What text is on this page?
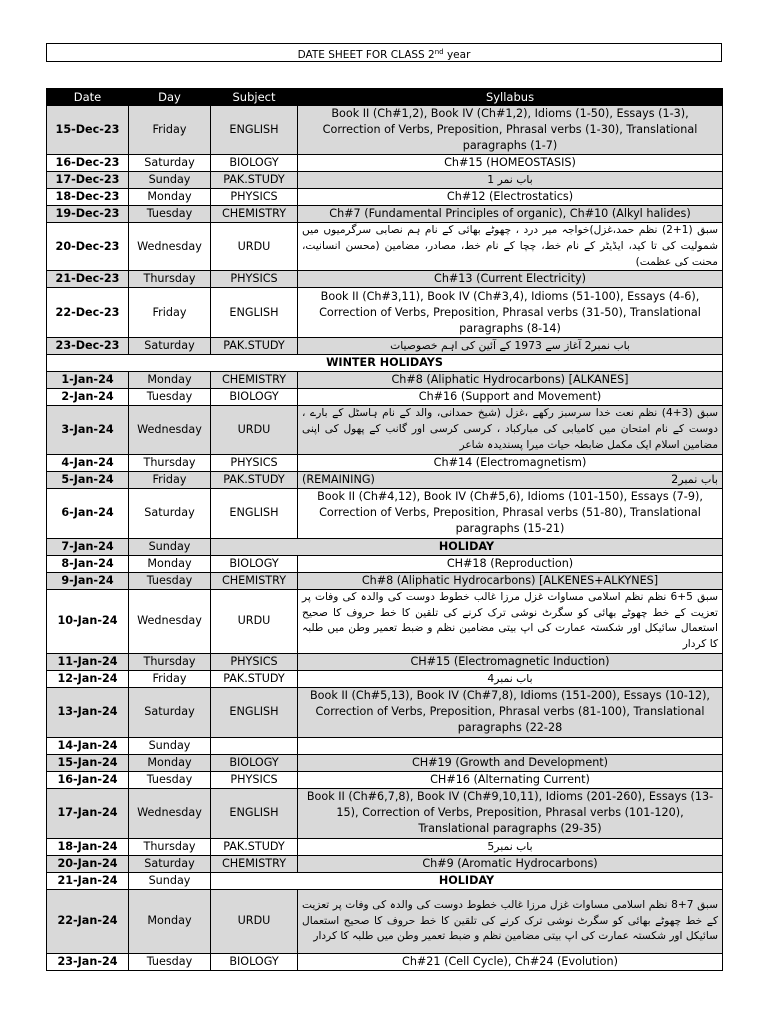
DATE SHEET FOR CLASS 2nd year
Date	Day	Subject	Syllabus
15-Dec-23	Friday	ENGLISH	Book II (Ch#1,2), Book IV (Ch#1,2), Idioms (1-50), Essays (1-3), Correction of Verbs, Preposition, Phrasal verbs (1-30), Translational paragraphs (1-7)
16-Dec-23	Saturday	BIOLOGY	Ch#15 (HOMEOSTASIS)
17-Dec-23	Sunday	PAK.STUDY	باب نمر 1
18-Dec-23	Monday	PHYSICS	Ch#12 (Electrostatics)
19-Dec-23	Tuesday	CHEMISTRY	Ch#7 (Fundamental Principles of organic), Ch#10 (Alkyl halides)
20-Dec-23	Wednesday	URDU	سبق (1+2) نظم حمد،غزل)خواجہ میر درد ، چھوٹے بھائی کے نام ہم نصابی سرگرمیوں میں شمولیت کی تا کید، ایڈیٹر کے نام خط، چچا کے نام خط، مصادر، مضامین (محسن انسانیت، محنت کی عظمت)
21-Dec-23	Thursday	PHYSICS	Ch#13 (Current Electricity)
22-Dec-23	Friday	ENGLISH	Book II (Ch#3,11), Book IV (Ch#3,4), Idioms (51-100), Essays (4-6), Correction of Verbs, Preposition, Phrasal verbs (31-50), Translational paragraphs (8-14)
23-Dec-23	Saturday	PAK.STUDY	باب نمبر2 آغاز سے 1973 کے آئین کی اہم خصوصیات
WINTER HOLIDAYS			
1-Jan-24	Monday	CHEMISTRY	Ch#8 (Aliphatic Hydrocarbons) [ALKANES]
2-Jan-24	Tuesday	BIOLOGY	Ch#16 (Support and Movement)
3-Jan-24	Wednesday	URDU	سبق (3+4) نظم نعت خدا سرسبز رکھے ،غزل (شیخ حمدانی، والد کے نام ہاسٹل کے بارے ، دوست کے نام امتحان میں کامیابی کی مبارکباد ، کرسی کرسی اور گانب کے پھول کی اپنی مضامین اسلام ایک مکمل ضابطہ حیات میرا پسندیدہ شاعر
4-Jan-24	Thursday	PHYSICS	Ch#14 (Electromagnetism)
5-Jan-24	Friday	PAK.STUDY	(REMAINING) باب نمبر2

6-Jan-24	Saturday	ENGLISH	Book II (Ch#4,12), Book IV (Ch#5,6), Idioms (101-150), Essays (7-9), Correction of Verbs, Preposition, Phrasal verbs (51-80), Translational paragraphs (15-21)
7-Jan-24	Sunday	HOLIDAY	
8-Jan-24	Monday	BIOLOGY	CH#18 (Reproduction)
9-Jan-24	Tuesday	CHEMISTRY	Ch#8 (Aliphatic Hydrocarbons) [ALKENES+ALKYNES]
10-Jan-24	Wednesday	URDU	سبق 5+6 نظم نظم اسلامی مساوات غزل مرزا غالب خطوط دوست کی والدہ کی وفات پر تعزیت کے خط چھوٹے بھائی کو سگرٹ نوشی ترک کرنے کی تلقین کا خط حروف کا صحیح استعمال سائیکل اور شکستہ عمارت کی اپ بیتی مضامین نظم و ضبط تعمیر وطن میں طلبہ کا کردار
11-Jan-24	Thursday	PHYSICS	CH#15 (Electromagnetic Induction)
12-Jan-24	Friday	PAK.STUDY	باب نمبر4
13-Jan-24	Saturday	ENGLISH	Book II (Ch#5,13), Book IV (Ch#7,8), Idioms (151-200), Essays (10-12), Correction of Verbs, Preposition, Phrasal verbs (81-100), Translational paragraphs (22-28
14-Jan-24	Sunday		
15-Jan-24	Monday	BIOLOGY	CH#19 (Growth and Development)
16-Jan-24	Tuesday	PHYSICS	CH#16 (Alternating Current)
17-Jan-24	Wednesday	ENGLISH	Book II (Ch#6,7,8), Book IV (Ch#9,10,11), Idioms (201-260), Essays (13-15), Correction of Verbs, Preposition, Phrasal verbs (101-120), Translational paragraphs (29-35)
18-Jan-24	Thursday	PAK.STUDY	باب نمبر5
20-Jan-24	Saturday	CHEMISTRY	Ch#9 (Aromatic Hydrocarbons)
21-Jan-24	Sunday	HOLIDAY	
22-Jan-24	Monday	URDU	سبق 7+8 نظم اسلامی مساوات غزل مرزا غالب خطوط دوست کی والدہ کی وفات پر تعزیت کے خط چھوٹے بھائی کو سگرٹ نوشی ترک کرنے کی تلقین کا خط حروف کا صحیح استعمال سائیکل اور شکستہ عمارت کی اپ بیتی مضامین نظم و ضبط تعمیر وطن میں طلبہ کا کردار
23-Jan-24	Tuesday	BIOLOGY	Ch#21 (Cell Cycle), Ch#24 (Evolution)
